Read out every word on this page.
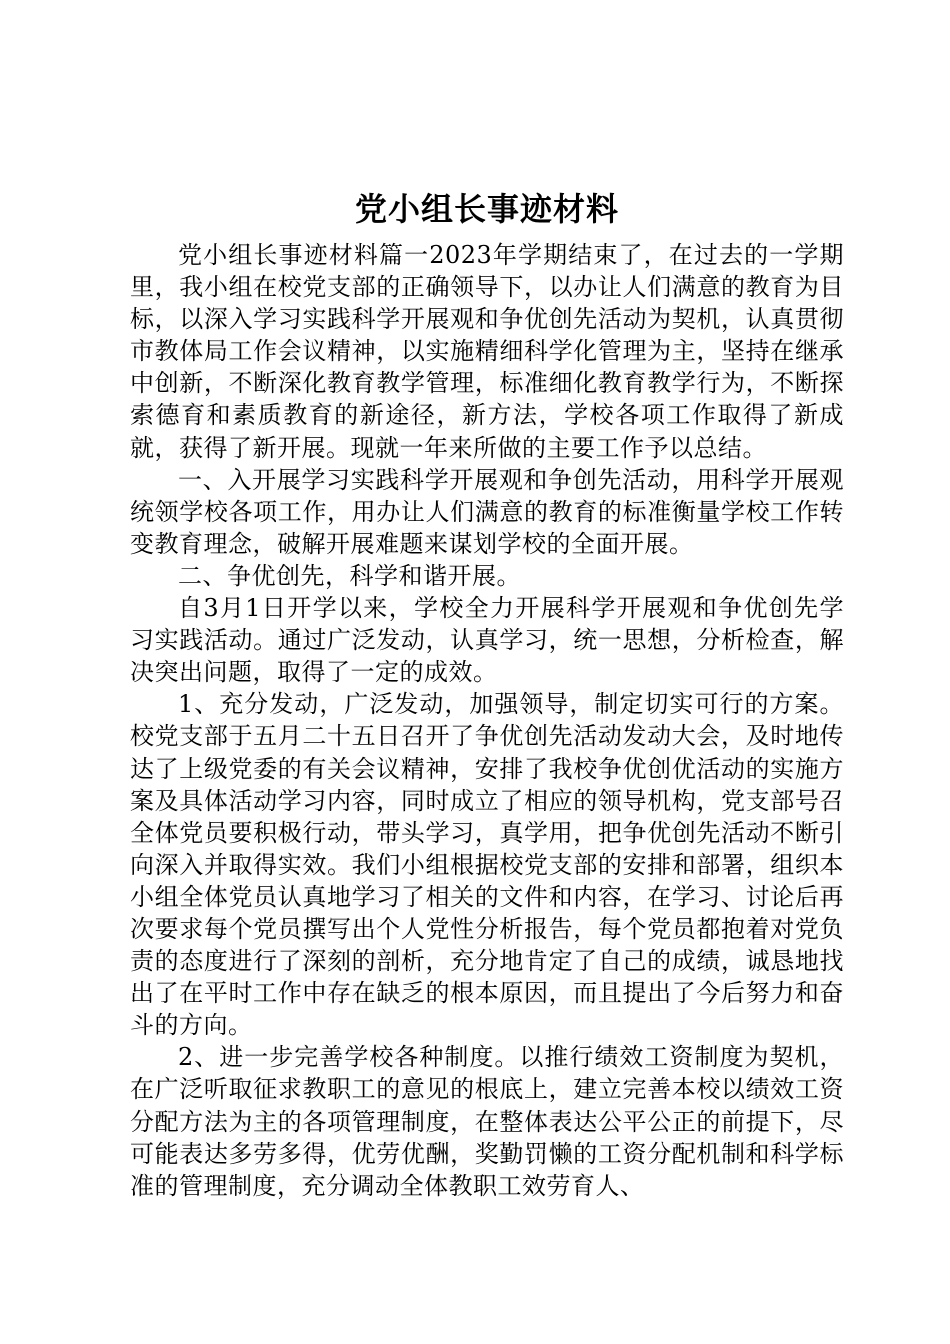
党小组长事迹材料

党小组长事迹材料篇一2023年学期结束了，在过去的一学期里，我小组在校党支部的正确领导下，以办让人们满意的教育为目标，以深入学习实践科学开展观和争优创先活动为契机，认真贯彻市教体局工作会议精神，以实施精细科学化管理为主，坚持在继承中创新，不断深化教育教学管理，标准细化教育教学行为，不断探索德育和素质教育的新途径，新方法，学校各项工作取得了新成就，获得了新开展。现就一年来所做的主要工作予以总结。

一、入开展学习实践科学开展观和争创先活动，用科学开展观统领学校各项工作，用办让人们满意的教育的标准衡量学校工作转变教育理念，破解开展难题来谋划学校的全面开展。

二、争优创先，科学和谐开展。

自3月1日开学以来，学校全力开展科学开展观和争优创先学习实践活动。通过广泛发动，认真学习，统一思想，分析检查，解决突出问题，取得了一定的成效。

1、充分发动，广泛发动，加强领导，制定切实可行的方案。校党支部于五月二十五日召开了争优创先活动发动大会，及时地传达了上级党委的有关会议精神，安排了我校争优创优活动的实施方案及具体活动学习内容，同时成立了相应的领导机构，党支部号召全体党员要积极行动，带头学习，真学用，把争优创先活动不断引向深入并取得实效。我们小组根据校党支部的安排和部署，组织本小组全体党员认真地学习了相关的文件和内容，在学习、讨论后再次要求每个党员撰写出个人党性分析报告，每个党员都抱着对党负责的态度进行了深刻的剖析，充分地肯定了自己的成绩，诚恳地找出了在平时工作中存在缺乏的根本原因，而且提出了今后努力和奋斗的方向。

2、进一步完善学校各种制度。以推行绩效工资制度为契机，在广泛听取征求教职工的意见的根底上，建立完善本校以绩效工资分配方法为主的各项管理制度，在整体表达公平公正的前提下，尽可能表达多劳多得，优劳优酬，奖勤罚懒的工资分配机制和科学标准的管理制度，充分调动全体教职工效劳育人、
